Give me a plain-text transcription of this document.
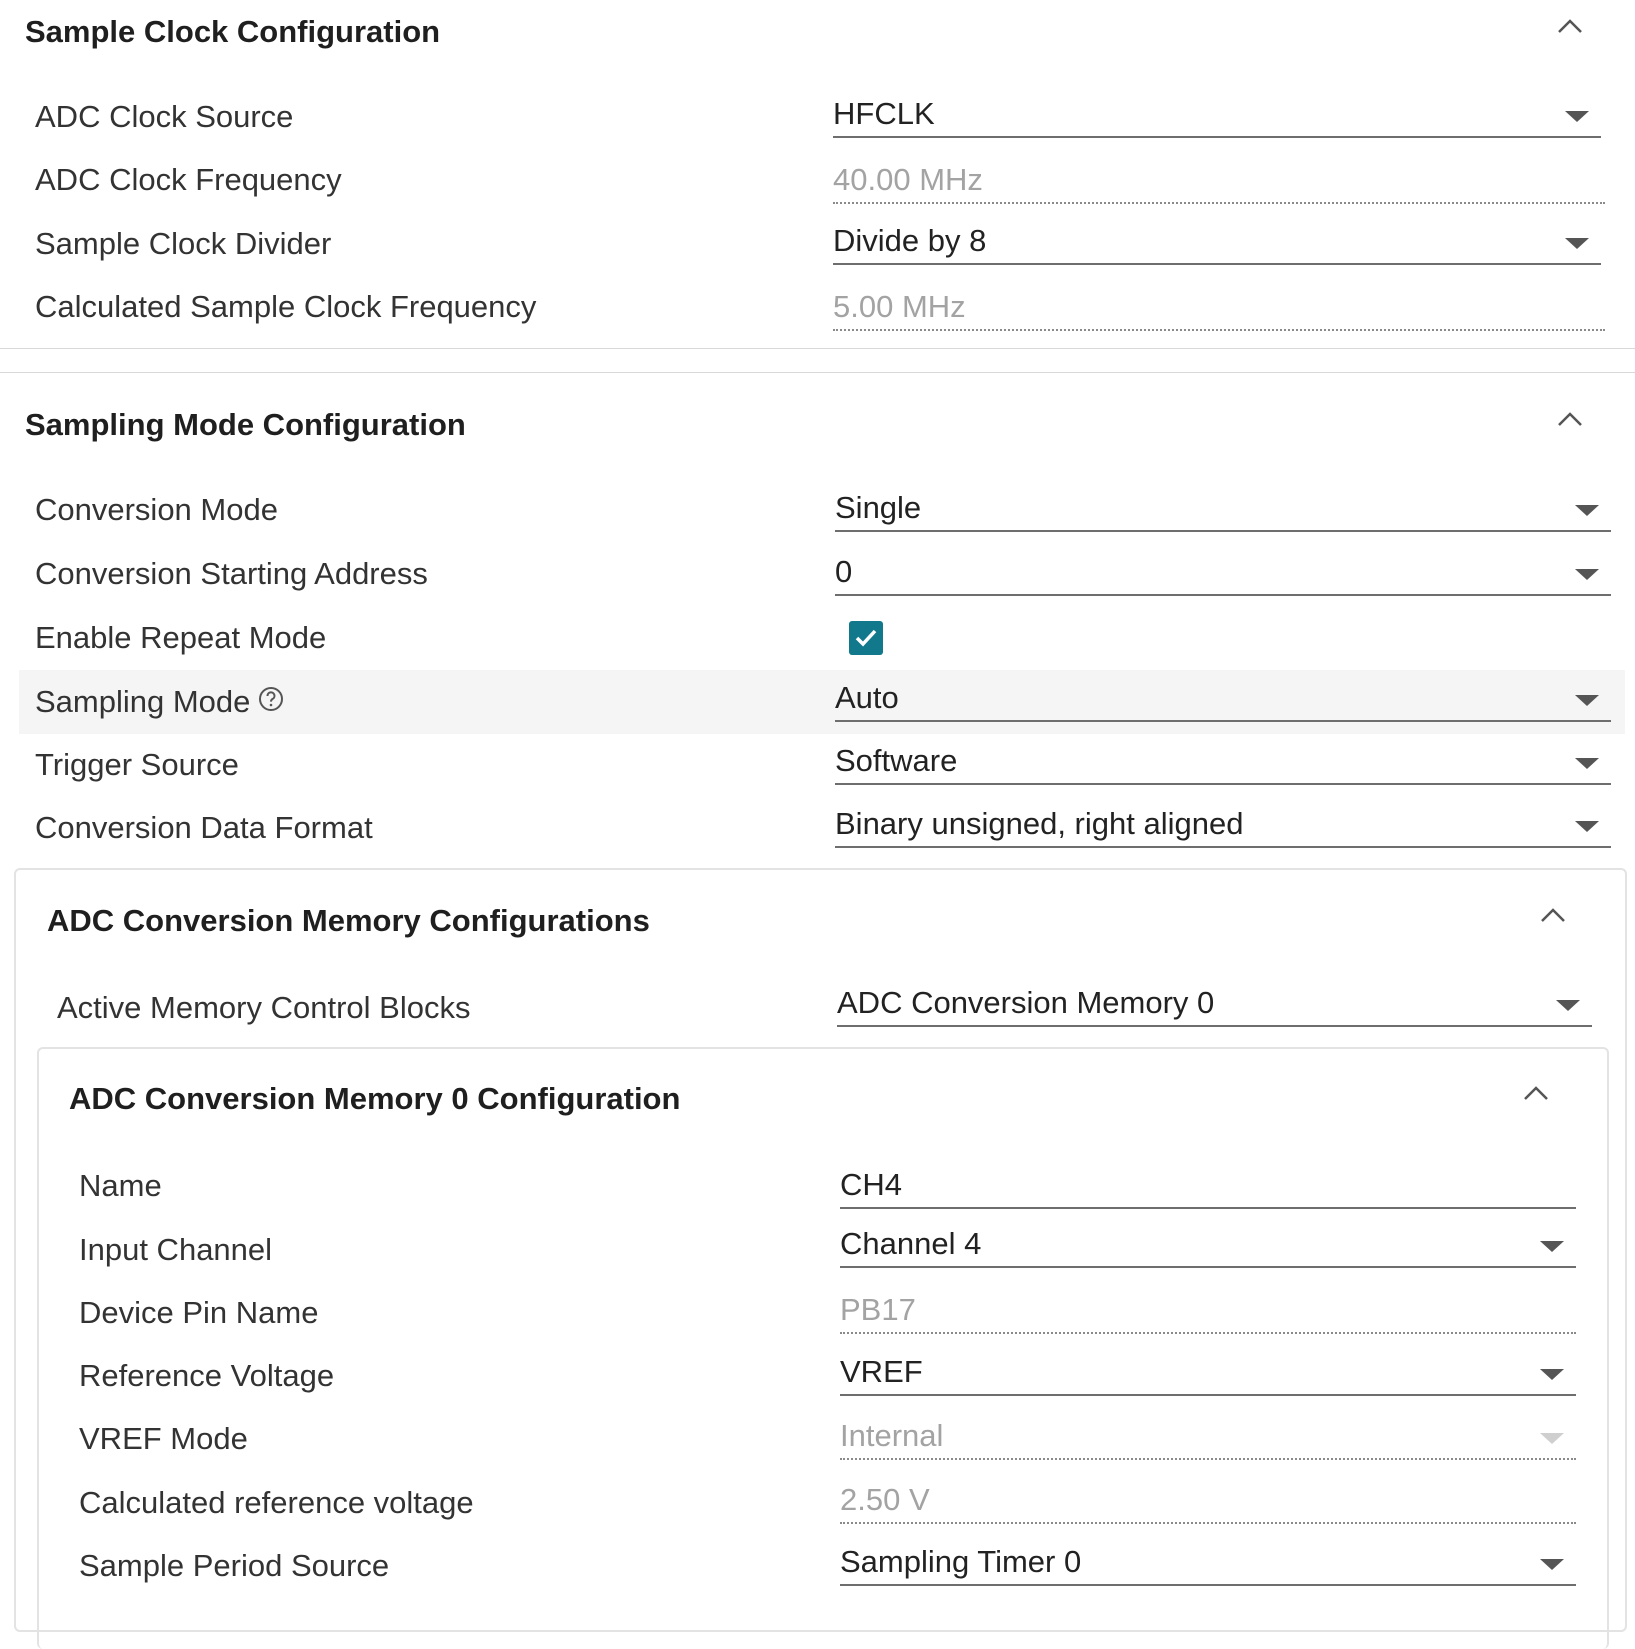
Sample Clock Configuration
ADC Clock Source	HFCLK
ADC Clock Frequency	40.00 MHz
Sample Clock Divider	Divide by 8
Calculated Sample Clock Frequency	5.00 MHz
Sampling Mode Configuration
Conversion Mode	Single
Conversion Starting Address	0
Enable Repeat Mode
Sampling Mode	Auto
Trigger Source	Software
Conversion Data Format	Binary unsigned, right aligned
ADC Conversion Memory Configurations
Active Memory Control Blocks	ADC Conversion Memory 0
ADC Conversion Memory 0 Configuration
Name	CH4
Input Channel	Channel 4
Device Pin Name	PB17
Reference Voltage	VREF
VREF Mode	Internal
Calculated reference voltage	2.50 V
Sample Period Source	Sampling Timer 0
